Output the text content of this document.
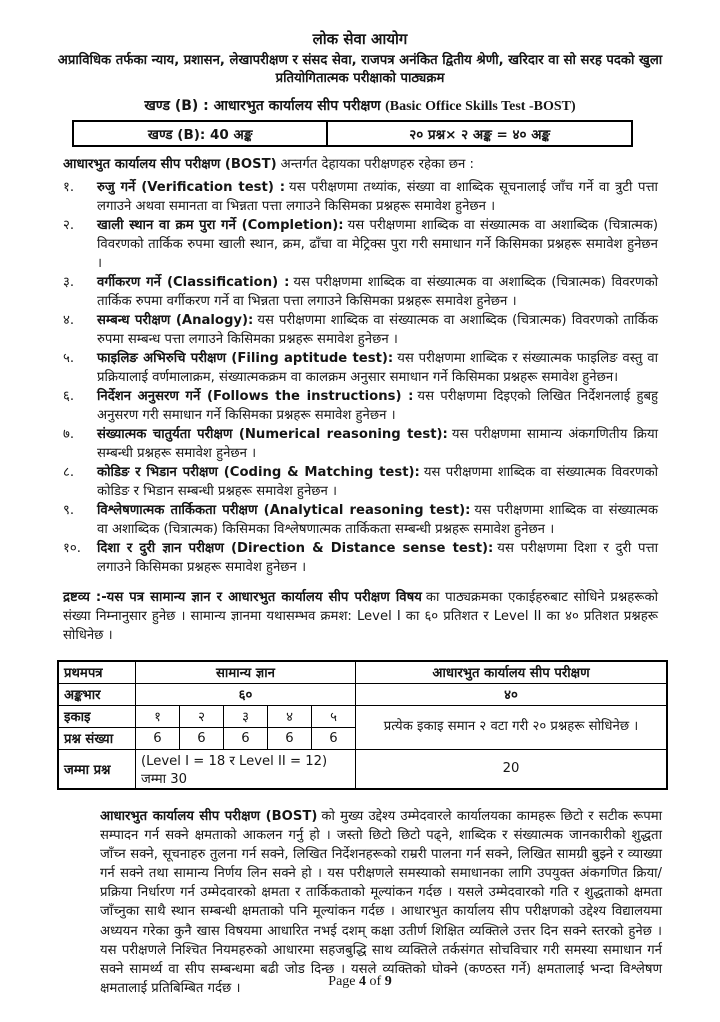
लोक सेवा आयोग
अप्राविधिक तर्फका न्याय, प्रशासन, लेखापरीक्षण र संसद सेवा, राजपत्र अनंकित द्वितीय श्रेणी, खरिदार वा सो सरह पदको खुला प्रतियोगितात्मक परीक्षाको पाठ्यक्रम
खण्ड (B) : आधारभुत कार्यालय सीप परीक्षण (Basic Office Skills Test -BOST)
खण्ड (B): 40 अङ्क	२० प्रश्न× २ अङ्क = ४० अङ्क
आधारभुत कार्यालय सीप परीक्षण (BOST) अन्तर्गत देहायका परीक्षणहरु रहेका छन :
१.	रुजु गर्ने (Verification test) : यस परीक्षणमा तथ्यांक, संख्या वा शाब्दिक सूचनालाई जाँच गर्ने वा त्रुटी पत्ता लगाउने अथवा समानता वा भिन्नता पत्ता लगाउने किसिमका प्रश्नहरू समावेश हुनेछन ।
२.	खाली स्थान वा क्रम पुरा गर्ने (Completion): यस परीक्षणमा शाब्दिक वा संख्यात्मक वा अशाब्दिक (चित्रात्मक) विवरणको तार्किक रुपमा खाली स्थान, क्रम, ढाँचा वा मेट्रिक्स पुरा गरी समाधान गर्ने किसिमका प्रश्नहरू समावेश हुनेछन ।
३.	वर्गीकरण गर्ने (Classification) : यस परीक्षणमा शाब्दिक वा संख्यात्मक वा अशाब्दिक (चित्रात्मक) विवरणको तार्किक रुपमा वर्गीकरण गर्ने वा भिन्नता पत्ता लगाउने किसिमका प्रश्नहरू समावेश हुनेछन ।
४.	सम्बन्ध परीक्षण (Analogy): यस परीक्षणमा शाब्दिक वा संख्यात्मक वा अशाब्दिक (चित्रात्मक) विवरणको तार्किक रुपमा सम्बन्ध पत्ता लगाउने किसिमका प्रश्नहरू समावेश हुनेछन ।
५.	फाइलिङ अभिरुचि परीक्षण (Filing aptitude test): यस परीक्षणमा शाब्दिक र संख्यात्मक फाइलिङ वस्तु वा प्रक्रियालाई वर्णमालाक्रम, संख्यात्मकक्रम वा कालक्रम अनुसार समाधान गर्ने किसिमका प्रश्नहरू समावेश हुनेछन।
६.	निर्देशन अनुसरण गर्ने (Follows the instructions) : यस परीक्षणमा दिइएको लिखित निर्देशनलाई हुबहु अनुसरण गरी समाधान गर्ने किसिमका प्रश्नहरू समावेश हुनेछन ।
७.	संख्यात्मक चातुर्यता परीक्षण (Numerical reasoning test): यस परीक्षणमा सामान्य अंकगणितीय क्रिया सम्बन्धी प्रश्नहरू समावेश हुनेछन ।
८.	कोडिङ र भिडान परीक्षण (Coding & Matching test): यस परीक्षणमा शाब्दिक वा संख्यात्मक विवरणको कोडिङ र भिडान सम्बन्धी प्रश्नहरू समावेश हुनेछन ।
९.	विश्लेषणात्मक तार्किकता परीक्षण (Analytical reasoning test): यस परीक्षणमा शाब्दिक वा संख्यात्मक वा अशाब्दिक (चित्रात्मक) किसिमका विश्लेषणात्मक तार्किकता सम्बन्धी प्रश्नहरू समावेश हुनेछन ।
१०.	दिशा र दुरी ज्ञान परीक्षण (Direction & Distance sense test): यस परीक्षणमा दिशा र दुरी पत्ता लगाउने किसिमका प्रश्नहरू समावेश हुनेछन ।
द्रष्टव्य :-यस पत्र सामान्य ज्ञान र आधारभुत कार्यालय सीप परीक्षण विषय का पाठ्यक्रमका एकाईहरुबाट सोधिने प्रश्नहरूको संख्या निम्नानुसार हुनेछ । सामान्य ज्ञानमा यथासम्भव क्रमश: Level I का ६० प्रतिशत र Level II का ४० प्रतिशत प्रश्नहरू सोधिनेछ ।
प्रथमपत्र	सामान्य ज्ञान					आधारभुत कार्यालय सीप परीक्षण
अङ्कभार	६०					४०
इकाइ	१	२	३	४	५	प्रत्येक इकाइ समान २ वटा गरी २० प्रश्नहरू सोधिनेछ ।
प्रश्न संख्या	6	6	6	6	6	
जम्मा प्रश्न	(Level I = 18 र Level II = 12) जम्मा 30					20
आधारभुत कार्यालय सीप परीक्षण (BOST) को मुख्य उद्देश्य उम्मेदवारले कार्यालयका कामहरू छिटो र सटीक रूपमा सम्पादन गर्न सक्ने क्षमताको आकलन गर्नु हो । जस्तो छिटो छिटो पढ्ने, शाब्दिक र संख्यात्मक जानकारीको शुद्धता जाँच्न सक्ने, सूचनाहरु तुलना गर्न सक्ने, लिखित निर्देशनहरूको राम्ररी पालना गर्न सक्ने, लिखित सामग्री बुझ्ने र व्याख्या गर्न सक्ने तथा सामान्य निर्णय लिन सक्ने हो । यस परीक्षणले समस्याको समाधानका लागि उपयुक्त अंकगणित क्रिया/प्रक्रिया निर्धारण गर्न उम्मेदवारको क्षमता र तार्किकताको मूल्यांकन गर्दछ । यसले उम्मेदवारको गति र शुद्धताको क्षमता जाँच्नुका साथै स्थान सम्बन्धी क्षमताको पनि मूल्यांकन गर्दछ । आधारभुत कार्यालय सीप परीक्षणको उद्देश्य विद्यालयमा अध्ययन गरेका कुनै खास विषयमा आधारित नभई दशम् कक्षा उतीर्ण शिक्षित व्यक्तिले उत्तर दिन सक्ने स्तरको हुनेछ । यस परीक्षणले निश्चित नियमहरुको आधारमा सहजबुद्धि साथ व्यक्तिले तर्कसंगत सोचविचार गरी समस्या समाधान गर्न सक्ने सामर्थ्य वा सीप सम्बन्धमा बढी जोड दिन्छ । यसले व्यक्तिको घोक्ने (कण्ठस्त गर्ने) क्षमतालाई भन्दा विश्लेषण क्षमतालाई प्रतिबिम्बित गर्दछ ।	Page 4 of 9
